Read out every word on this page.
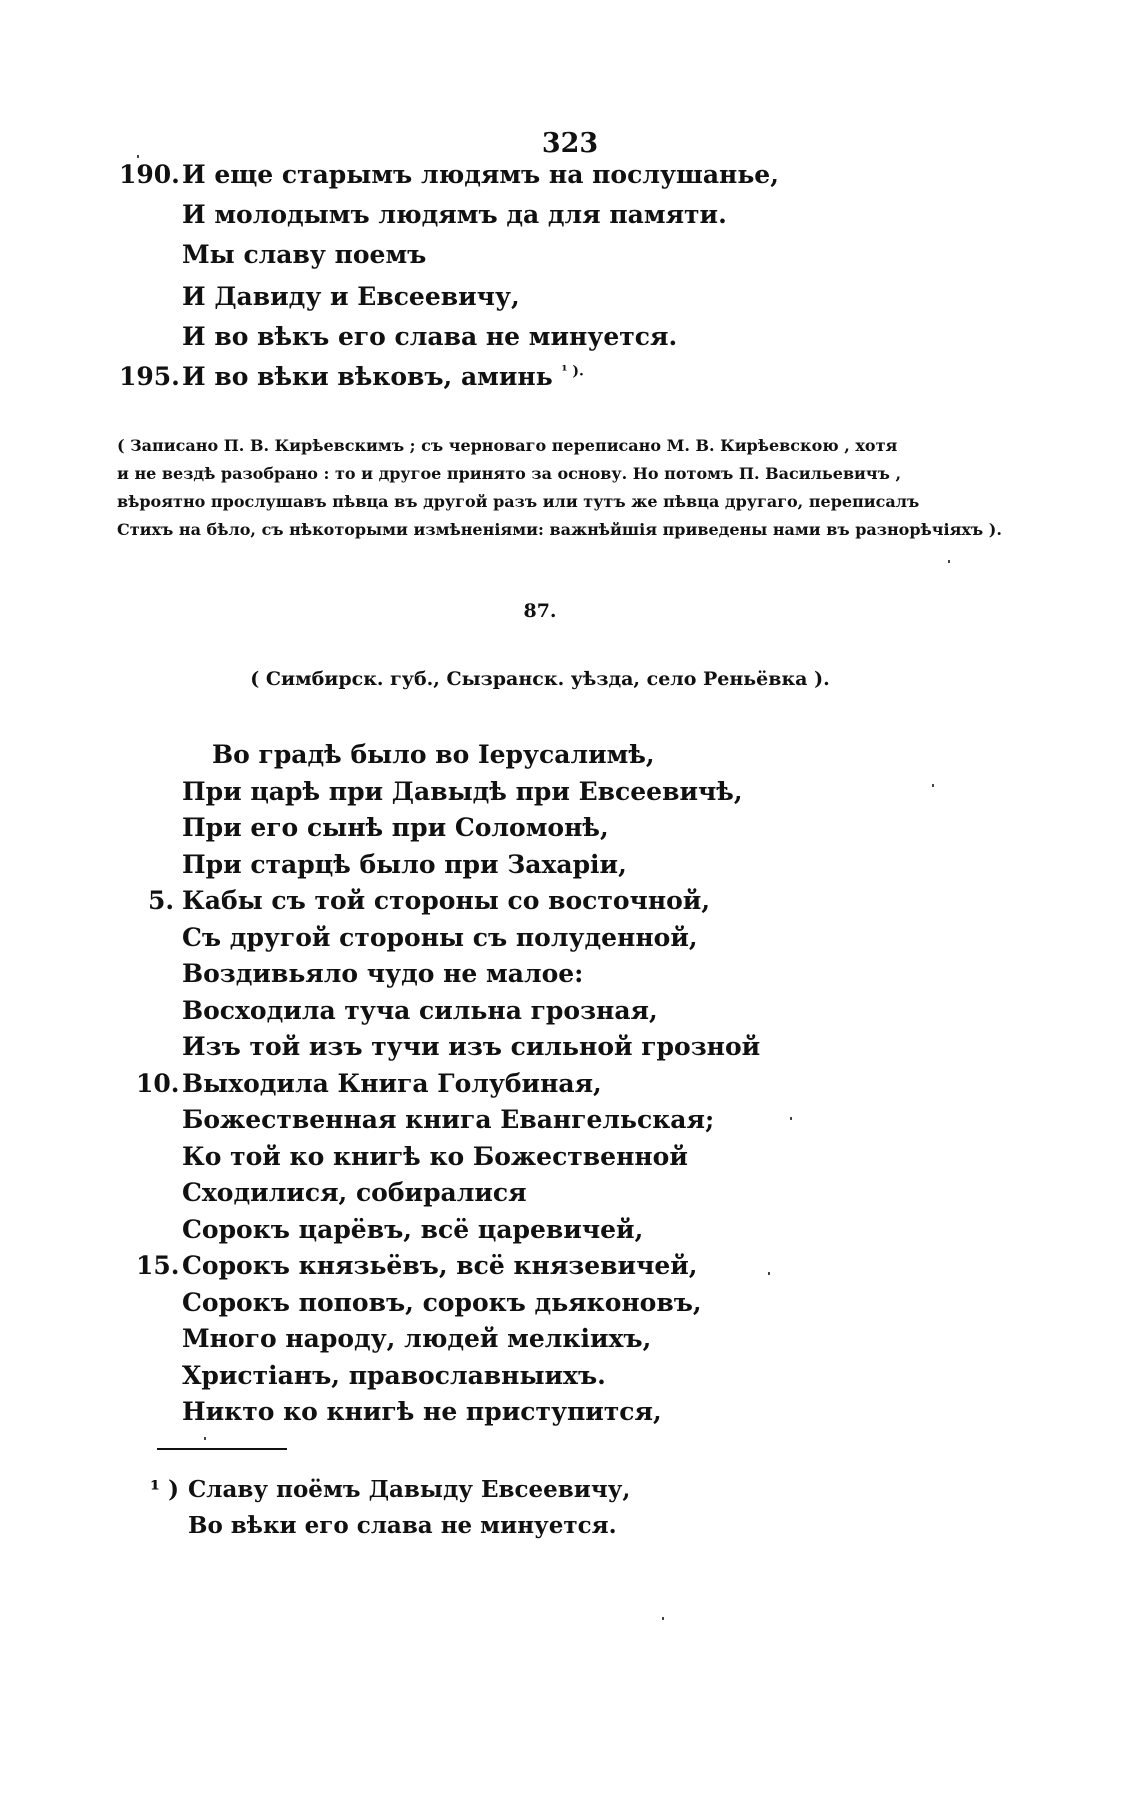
323
190. И еще старымъ людямъ на послушанье,
И молодымъ людямъ да для памяти.
Мы славу поемъ
И Давиду и Евсеевичу,
И во вѣкъ его слава не минуется.
195. И во вѣки вѣковъ, аминь $^{^1 ).}$
( Записано П. В. Кирѣевскимъ ; съ черноваго переписано М. В. Кирѣевскою , хотя
и не вездѣ разобрано : то и другое принято за основу. Но потомъ П. Васильевичъ ,
вѣроятно прослушавъ пѣвца въ другой разъ или тутъ же пѣвца другаго, переписалъ
Стихъ на бѣло, съ нѣкоторыми измѣненіями: важнѣйшія приведены нами въ разнорѣчіяхъ ).
87.
( Симбирск. губ., Сызранск. уѣзда, село Реньёвка ).
Во градѣ было во Іерусалимѣ,
При царѣ при Давыдѣ при Евсеевичѣ,
При его сынѣ при Соломонѣ,
При старцѣ было при Захаріи,
5. Кабы съ той стороны со восточной,
Съ другой стороны съ полуденной,
Воздивьяло чудо не малое:
Восходила туча сильна грозная,
Изъ той изъ тучи изъ сильной грозной
10. Выходила Книга Голубиная,
Божественная книга Евангельская;
Ко той ко книгѣ ко Божественной
Сходилися, собиралися
Сорокъ царёвъ, всё царевичей,
15. Сорокъ князьёвъ, всё князевичей,
Сорокъ поповъ, сорокъ дьяконовъ,
Много народу, людей мелкіихъ,
Христіанъ, православныихъ.
Никто ко книгѣ не приступится,
¹ ) Славу поёмъ Давыду Евсеевичу,
Во вѣки его слава не минуется.
